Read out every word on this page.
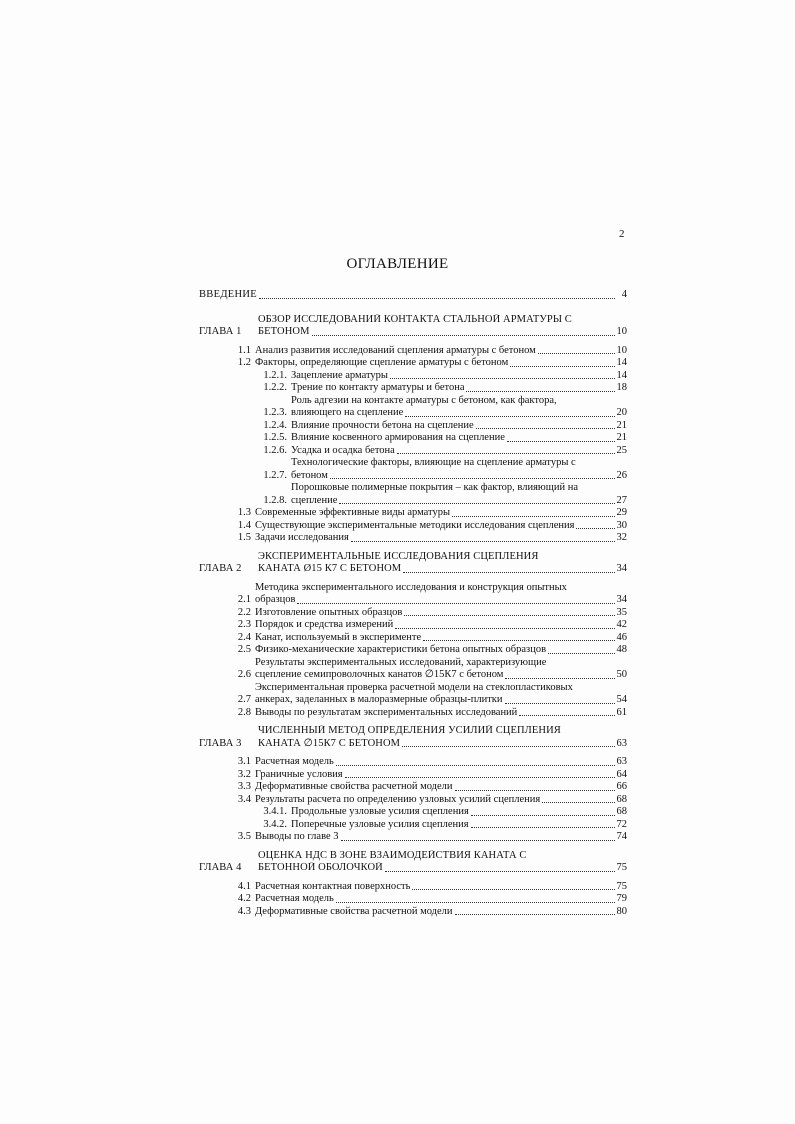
2
ОГЛАВЛЕНИЕ
ВВЕДЕНИЕ	4
ГЛАВА 1
ОБЗОР ИССЛЕДОВАНИЙ КОНТАКТА СТАЛЬНОЙ АРМАТУРЫ С
БЕТОНОМ	10
1.1 Анализ развития исследований сцепления арматуры с бетоном	10
1.2 Факторы, определяющие сцепление арматуры с бетоном	14
1.2.1. Зацепление арматуры	14
1.2.2. Трение по контакту арматуры и бетона	18
1.2.3.
Роль адгезии на контакте арматуры с бетоном, как фактора,
влияющего на сцепление	20
1.2.4. Влияние прочности бетона на сцепление	21
1.2.5. Влияние косвенного армирования на сцепление	21
1.2.6. Усадка и осадка бетона	25
1.2.7.
Технологические факторы, влияющие на сцепление арматуры с
бетоном	26
1.2.8.
Порошковые полимерные покрытия – как фактор, влияющий на
сцепление	27
1.3 Современные эффективные виды арматуры	29
1.4 Существующие экспериментальные методики исследования сцепления	30
1.5 Задачи исследования	32
ГЛАВА 2
ЭКСПЕРИМЕНТАЛЬНЫЕ ИССЛЕДОВАНИЯ СЦЕПЛЕНИЯ
КАНАТА Ø15 К7 С БЕТОНОМ	34
2.1
Методика экспериментального исследования и конструкция опытных
образцов	34
2.2 Изготовление опытных образцов	35
2.3 Порядок и средства измерений	42
2.4 Канат, используемый в эксперименте	46
2.5 Физико-механические характеристики бетона опытных образцов	48
2.6
Результаты экспериментальных исследований, характеризующие
сцепление семипроволочных канатов ∅15К7 с бетоном	50
2.7
Экспериментальная проверка расчетной модели на стеклопластиковых
анкерах, заделанных в малоразмерные образцы-плитки	54
2.8 Выводы по результатам экспериментальных исследований	61
ГЛАВА 3
ЧИСЛЕННЫЙ МЕТОД ОПРЕДЕЛЕНИЯ УСИЛИЙ СЦЕПЛЕНИЯ
КАНАТА ∅15К7 С БЕТОНОМ	63
3.1 Расчетная модель	63
3.2 Граничные условия	64
3.3 Деформативные свойства расчетной модели	66
3.4 Результаты расчета по определению узловых усилий сцепления	68
3.4.1. Продольные узловые усилия сцепления	68
3.4.2. Поперечные узловые усилия сцепления	72
3.5 Выводы по главе 3	74
ГЛАВА 4
ОЦЕНКА НДС В ЗОНЕ ВЗАИМОДЕЙСТВИЯ КАНАТА С
БЕТОННОЙ ОБОЛОЧКОЙ	75
4.1 Расчетная контактная поверхность	75
4.2 Расчетная модель	79
4.3 Деформативные свойства расчетной модели	80
